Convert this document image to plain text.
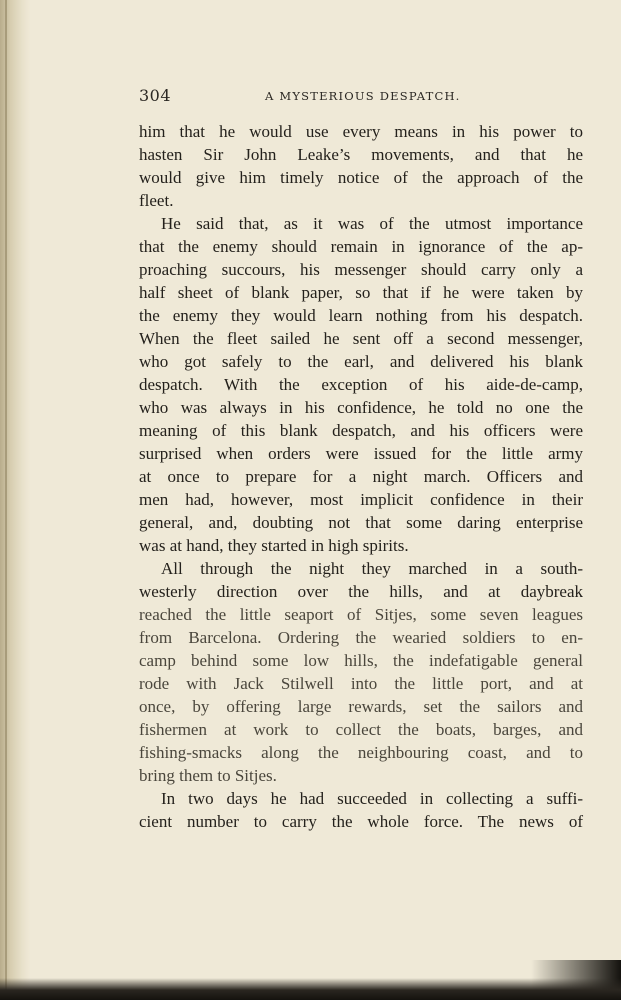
304	A MYSTERIOUS DESPATCH.
him that he would use every means in his power to
hasten Sir John Leake’s movements, and that he
would give him timely notice of the approach of the
fleet.
He said that, as it was of the utmost importance
that the enemy should remain in ignorance of the ap-
proaching succours, his messenger should carry only a
half sheet of blank paper, so that if he were taken by
the enemy they would learn nothing from his despatch.
When the fleet sailed he sent off a second messenger,
who got safely to the earl, and delivered his blank
despatch. With the exception of his aide-de-camp,
who was always in his confidence, he told no one the
meaning of this blank despatch, and his officers were
surprised when orders were issued for the little army
at once to prepare for a night march. Officers and
men had, however, most implicit confidence in their
general, and, doubting not that some daring enterprise
was at hand, they started in high spirits.
All through the night they marched in a south-
westerly direction over the hills, and at daybreak
reached the little seaport of Sitjes, some seven leagues
from Barcelona. Ordering the wearied soldiers to en-
camp behind some low hills, the indefatigable general
rode with Jack Stilwell into the little port, and at
once, by offering large rewards, set the sailors and
fishermen at work to collect the boats, barges, and
fishing-smacks along the neighbouring coast, and to
bring them to Sitjes.
In two days he had succeeded in collecting a suffi-
cient number to carry the whole force. The news of
